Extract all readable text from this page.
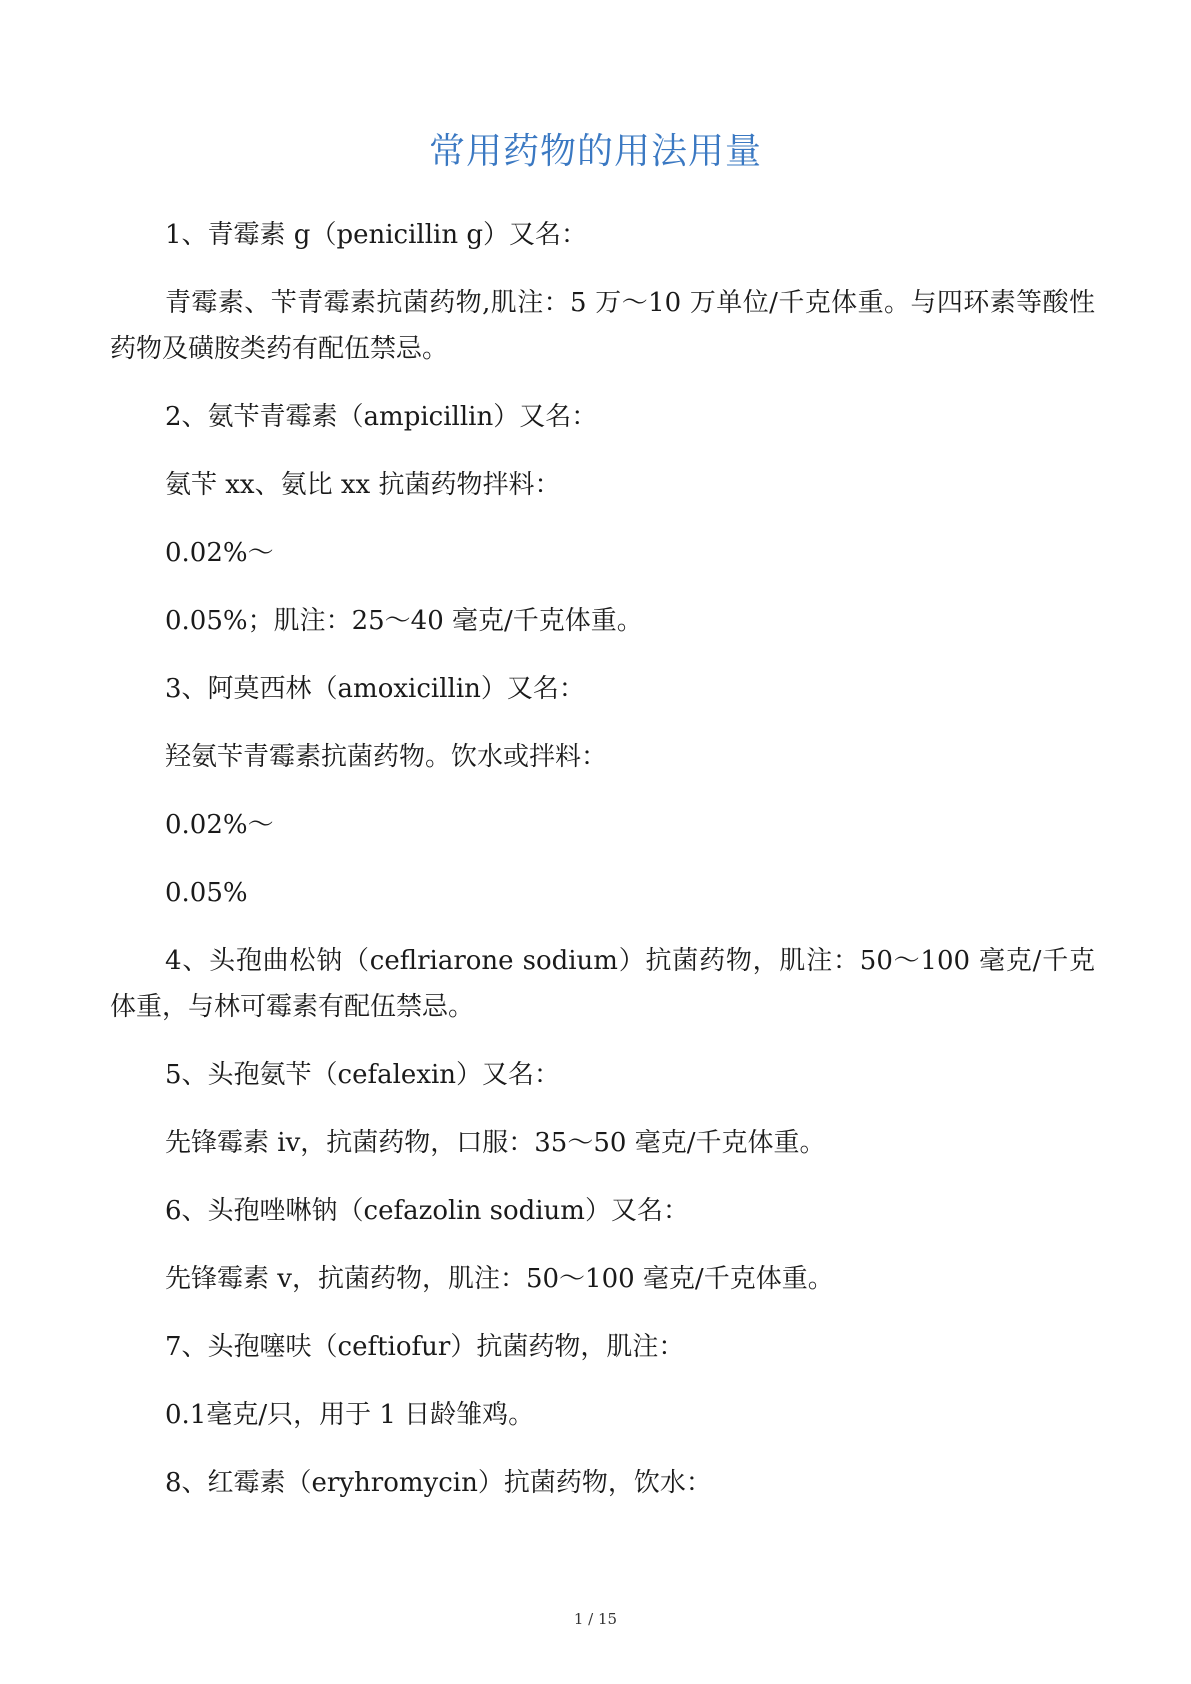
常用药物的用法用量

1、青霉素 g（penicillin g）又名：

青霉素、苄青霉素抗菌药物,肌注：5 万～10 万单位/千克体重。与四环素等酸性药物及磺胺类药有配伍禁忌。

2、氨苄青霉素（ampicillin）又名：

氨苄 xx、氨比 xx 抗菌药物拌料：

0.02%～

0.05%；肌注：25～40 毫克/千克体重。

3、阿莫西林（amoxicillin）又名：

羟氨苄青霉素抗菌药物。饮水或拌料：

0.02%～

0.05%

4、头孢曲松钠（ceflriarone sodium）抗菌药物，肌注：50～100 毫克/千克体重，与林可霉素有配伍禁忌。

5、头孢氨苄（cefalexin）又名：

先锋霉素 iv，抗菌药物，口服：35～50 毫克/千克体重。

6、头孢唑啉钠（cefazolin sodium）又名：

先锋霉素 v，抗菌药物，肌注：50～100 毫克/千克体重。

7、头孢噻呋（ceftiofur）抗菌药物，肌注：

0.1毫克/只，用于 1 日龄雏鸡。

8、红霉素（eryhromycin）抗菌药物，饮水：

1 / 15
